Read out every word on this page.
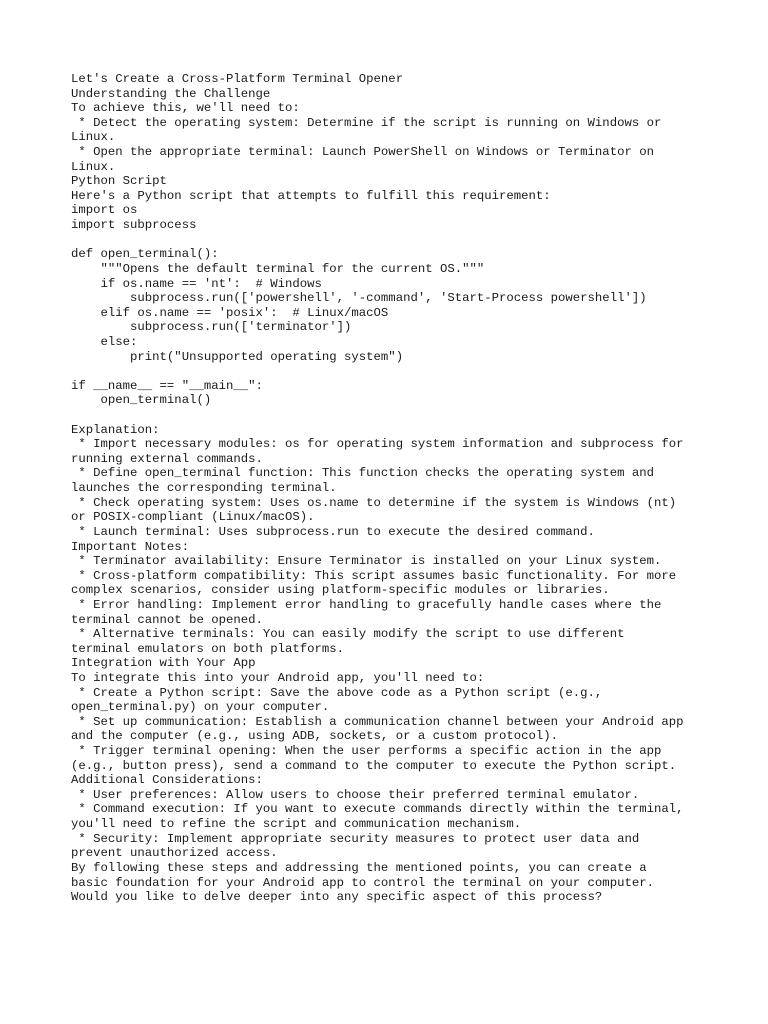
Let's Create a Cross-Platform Terminal Opener
Understanding the Challenge
To achieve this, we'll need to:
* Detect the operating system: Determine if the script is running on Windows or
Linux.
* Open the appropriate terminal: Launch PowerShell on Windows or Terminator on
Linux.
Python Script
Here's a Python script that attempts to fulfill this requirement:
import os
import subprocess
def open_terminal():
"""Opens the default terminal for the current OS."""
if os.name == 'nt':  # Windows
subprocess.run(['powershell', '-command', 'Start-Process powershell'])
elif os.name == 'posix':  # Linux/macOS
subprocess.run(['terminator'])
else:
print("Unsupported operating system")
if __name__ == "__main__":
open_terminal()
Explanation:
* Import necessary modules: os for operating system information and subprocess for
running external commands.
* Define open_terminal function: This function checks the operating system and
launches the corresponding terminal.
* Check operating system: Uses os.name to determine if the system is Windows (nt)
or POSIX-compliant (Linux/macOS).
* Launch terminal: Uses subprocess.run to execute the desired command.
Important Notes:
* Terminator availability: Ensure Terminator is installed on your Linux system.
* Cross-platform compatibility: This script assumes basic functionality. For more
complex scenarios, consider using platform-specific modules or libraries.
* Error handling: Implement error handling to gracefully handle cases where the
terminal cannot be opened.
* Alternative terminals: You can easily modify the script to use different
terminal emulators on both platforms.
Integration with Your App
To integrate this into your Android app, you'll need to:
* Create a Python script: Save the above code as a Python script (e.g.,
open_terminal.py) on your computer.
* Set up communication: Establish a communication channel between your Android app
and the computer (e.g., using ADB, sockets, or a custom protocol).
* Trigger terminal opening: When the user performs a specific action in the app
(e.g., button press), send a command to the computer to execute the Python script.
Additional Considerations:
* User preferences: Allow users to choose their preferred terminal emulator.
* Command execution: If you want to execute commands directly within the terminal,
you'll need to refine the script and communication mechanism.
* Security: Implement appropriate security measures to protect user data and
prevent unauthorized access.
By following these steps and addressing the mentioned points, you can create a
basic foundation for your Android app to control the terminal on your computer.
Would you like to delve deeper into any specific aspect of this process?
